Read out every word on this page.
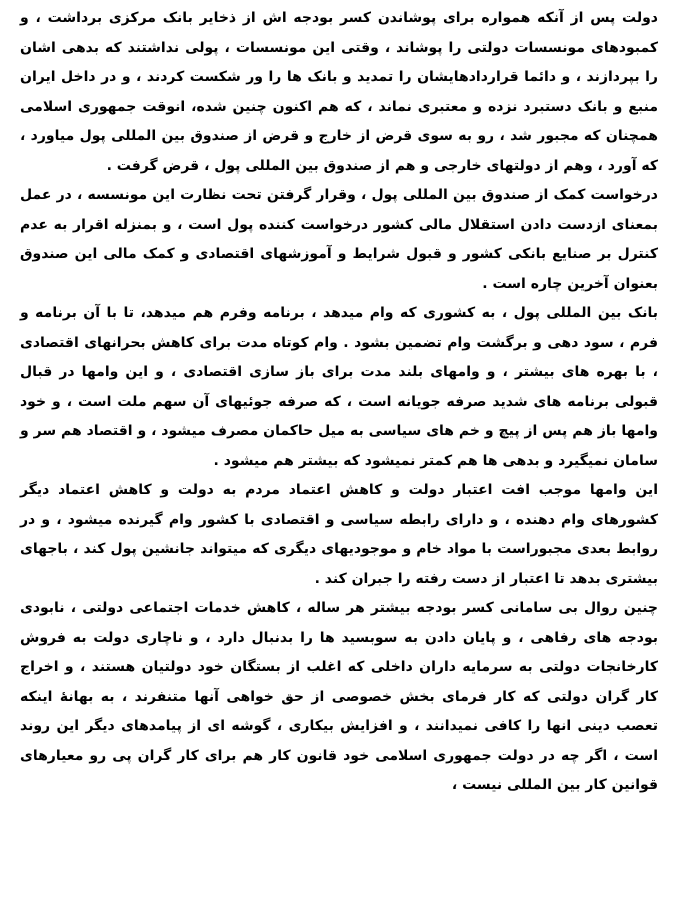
دولت پس از آنکه همواره برای پوشاندن کسر بودجه اش از ذخایر بانک مرکزی برداشت ، و کمبودهای مونسسات دولتی را پوشاند ، وقتی این مونسسات ، پولی نداشتند که بدهی اشان را بپردازند ، و دائما قراردادهایشان را تمدید و بانک ها را ور شکست کردند ، و در داخل ایران منبع و بانک دستبرد نزده و معتبری نماند ، که هم اکنون چنین شده، انوقت جمهوری اسلامی همچنان که مجبور شد ، رو به سوی قرض از خارج و قرض از صندوق بین المللی پول میاورد ، که آورد ، وهم از دولتهای خارجی و هم از صندوق بین المللی پول ، قرض گرفت .

درخواست کمک از صندوق بین المللی پول ، وقرار گرفتن تحت نظارت این مونسسه ، در عمل بمعنای ازدست دادن استقلال مالی کشور درخواست کننده پول است ، و بمنزله اقرار به عدم کنترل بر صنایع بانکی کشور و قبول شرایط و آموزشهای اقتصادی و کمک مالی این صندوق بعنوان آخرین چاره است .

بانک بین المللی پول ، به کشوری که وام میدهد ، برنامه وفرم هم میدهد، تا با آن برنامه و فرم ، سود دهی و برگشت وام تضمین بشود . وام کوتاه مدت برای کاهش بحرانهای اقتصادی ، با بهره های بیشتر ، و وامهای بلند مدت برای باز سازی اقتصادی ، و این وامها در قبال قبولی برنامه های شدید صرفه جویانه است ، که صرفه جوئیهای آن سهم ملت است ، و خود وامها باز هم پس از پیچ و خم های سیاسی به میل حاکمان مصرف میشود ، و اقتصاد هم سر و سامان نمیگیرد و بدهی ها هم کمتر نمیشود که بیشتر هم میشود .

این وامها موجب افت اعتبار دولت و کاهش اعتماد مردم به دولت و کاهش اعتماد دیگر کشورهای وام دهنده ، و دارای رابطه سیاسی و اقتصادی با کشور وام گیرنده میشود ، و در روابط بعدی مجبوراست با مواد خام و موجودیهای دیگری که میتواند جانشین پول کند ، باجهای بیشتری بدهد تا اعتبار از دست رفته را جبران کند .

چنین روال بی سامانی کسر بودجه بیشتر هر ساله ، کاهش خدمات اجتماعی دولتی ، نابودی بودجه های رفاهی ، و پایان دادن به سوبسید ها را بدنبال دارد ، و ناچاری دولت به فروش کارخانجات دولتی به سرمایه داران داخلی که اغلب از بستگان خود دولتیان هستند ، و اخراج کار گران دولتی که کار فرمای بخش خصوصی از حق خواهی آنها متنفرند ، به بهانهٔ اینکه تعصب دینی انها را کافی نمیدانند ، و افزایش بیکاری ، گوشه ای از پیامدهای دیگر این روند است ، اگر چه در دولت جمهوری اسلامی خود قانون کار هم برای کار گران پی رو معیارهای قوانین کار بین المللی نیست ،
